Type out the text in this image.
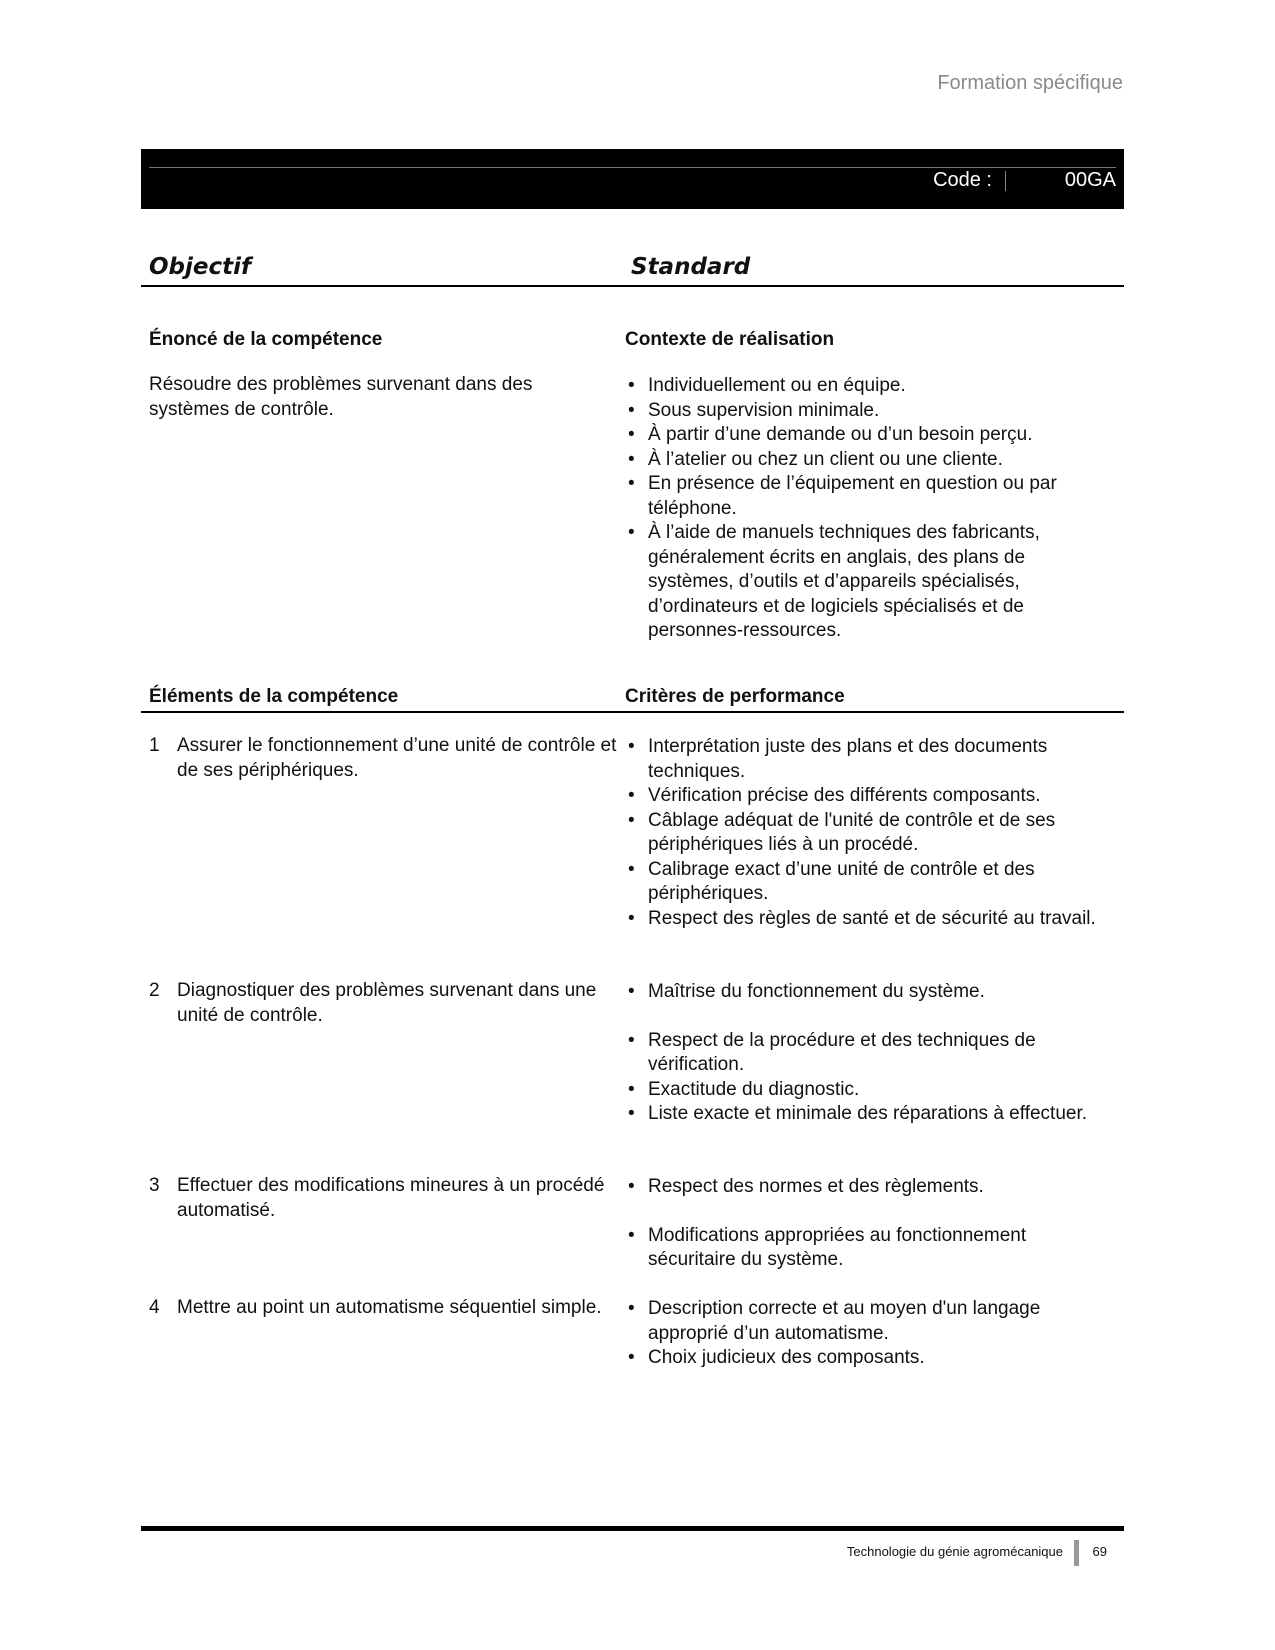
Formation spécifique
Code :	00GA
Objectif	Standard
Énoncé de la compétence
Résoudre des problèmes survenant dans des systèmes de contrôle.
Contexte de réalisation
• Individuellement ou en équipe.
• Sous supervision minimale.
• À partir d’une demande ou d’un besoin perçu.
• À l’atelier ou chez un client ou une cliente.
• En présence de l’équipement en question ou par téléphone.
• À l’aide de manuels techniques des fabricants, généralement écrits en anglais, des plans de systèmes, d’outils et d’appareils spécialisés, d’ordinateurs et de logiciels spécialisés et de personnes-ressources.
Éléments de la compétence	Critères de performance
1 Assurer le fonctionnement d’une unité de contrôle et de ses périphériques.
• Interprétation juste des plans et des documents techniques.
• Vérification précise des différents composants.
• Câblage adéquat de l'unité de contrôle et de ses périphériques liés à un procédé.
• Calibrage exact d’une unité de contrôle et des périphériques.
• Respect des règles de santé et de sécurité au travail.
2 Diagnostiquer des problèmes survenant dans une unité de contrôle.
• Maîtrise du fonctionnement du système.
• Respect de la procédure et des techniques de vérification.
• Exactitude du diagnostic.
• Liste exacte et minimale des réparations à effectuer.
3 Effectuer des modifications mineures à un procédé automatisé.
• Respect des normes et des règlements.
• Modifications appropriées au fonctionnement sécuritaire du système.
4 Mettre au point un automatisme séquentiel simple.	• Description correcte et au moyen d'un langage approprié d’un automatisme.
• Choix judicieux des composants.
Technologie du génie agromécanique 69
